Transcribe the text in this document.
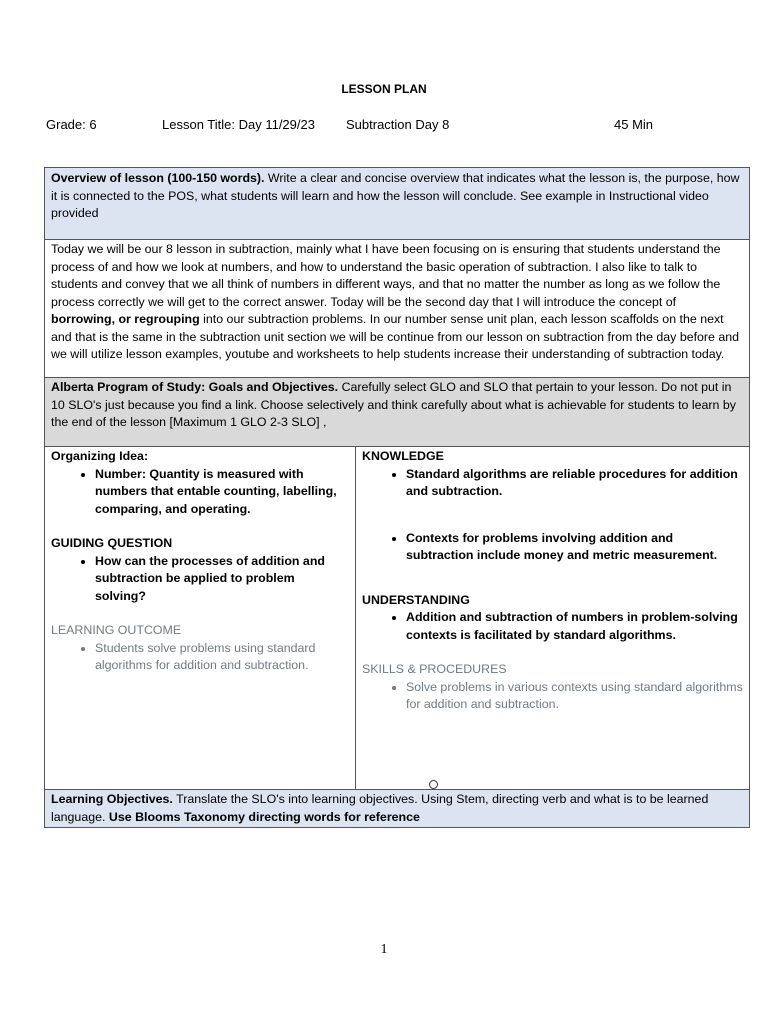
LESSON PLAN
Grade: 6	Lesson Title: Day 11/29/23 Subtraction Day 8	45 Min
Overview of lesson (100-150 words). Write a clear and concise overview that indicates what the lesson is, the purpose, how it is connected to the POS, what students will learn and how the lesson will conclude. See example in Instructional video provided
Today we will be our 8 lesson in subtraction, mainly what I have been focusing on is ensuring that students understand the process of and how we look at numbers, and how to understand the basic operation of subtraction. I also like to talk to students and convey that we all think of numbers in different ways, and that no matter the number as long as we follow the process correctly we will get to the correct answer. Today will be the second day that I will introduce the concept of borrowing, or regrouping into our subtraction problems. In our number sense unit plan, each lesson scaffolds on the next and that is the same in the subtraction unit section we will be continue from our lesson on subtraction from the day before and we will utilize lesson examples, youtube and worksheets to help students increase their understanding of subtraction today.
Alberta Program of Study: Goals and Objectives. Carefully select GLO and SLO that pertain to your lesson. Do not put in 10 SLO's just because you find a link. Choose selectively and think carefully about what is achievable for students to learn by the end of the lesson [Maximum 1 GLO 2-3 SLO] ,

Organizing Idea:
• Number: Quantity is measured with numbers that entable counting, labelling, comparing, and operating.
GUIDING QUESTION
• How can the processes of addition and subtraction be applied to problem solving?
LEARNING OUTCOME
• Students solve problems using standard algorithms for addition and subtraction.

KNOWLEDGE
• Standard algorithms are reliable procedures for addition and subtraction.
• Contexts for problems involving addition and subtraction include money and metric measurement.
UNDERSTANDING
• Addition and subtraction of numbers in problem-solving contexts is facilitated by standard algorithms.
SKILLS & PROCEDURES
• Solve problems in various contexts using standard algorithms for addition and subtraction.

Learning Objectives. Translate the SLO's into learning objectives. Using Stem, directing verb and what is to be learned language. Use Blooms Taxonomy directing words for reference
1
